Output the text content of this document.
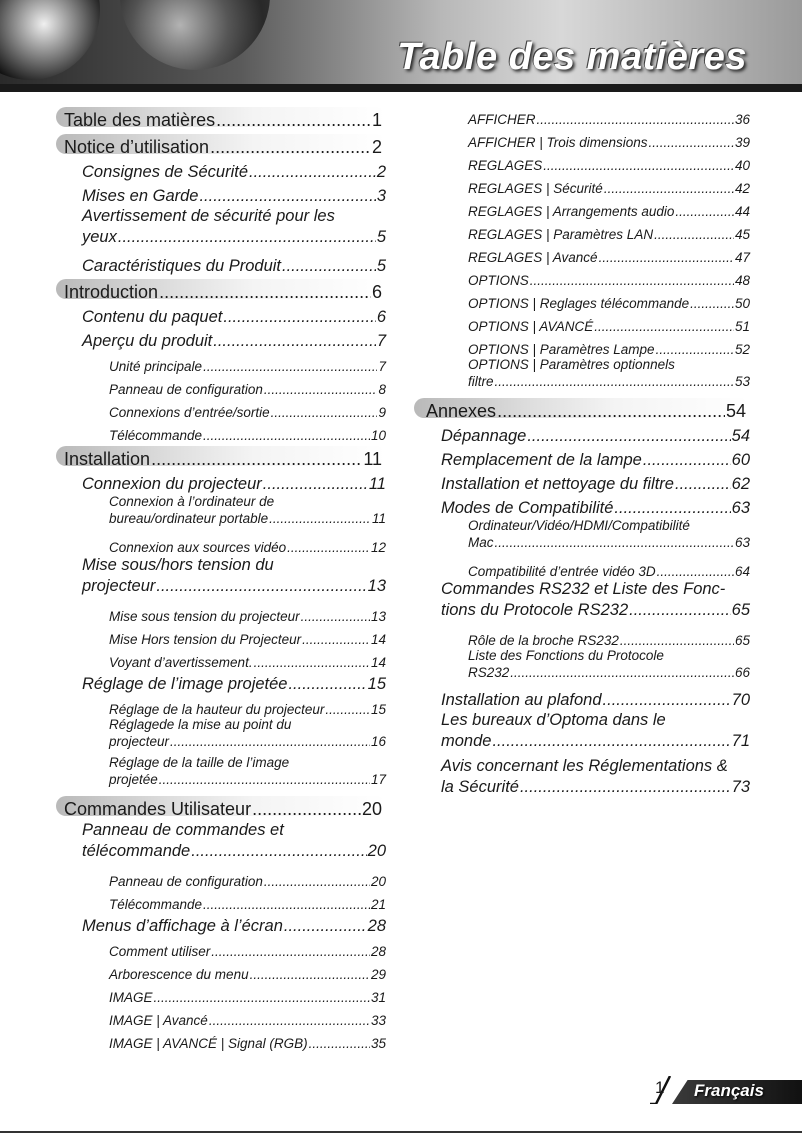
Table des matières
Table des matières .....	1
Notice d’utilisation .....	2
Consignes de Sécurité .....	2
Mises en Garde .....	3
Avertissement de sécurité pour les
yeux .....	5
Caractéristiques du Produit .....	5
Introduction .....	6
Contenu du paquet .....	6
Aperçu du produit .....	7
Unité principale .....	7
Panneau de configuration .....	8
Connexions d’entrée/sortie .....	9
Télécommande .....	10
Installation .....	11
Connexion du projecteur .....	11
Connexion à l’ordinateur de
bureau/ordinateur portable .....	11
Connexion aux sources vidéo .....	12
Mise sous/hors tension du
projecteur .....	13
Mise sous tension du projecteur .....	13
Mise Hors tension du Projecteur .....	14
Voyant d’avertissement. .....	14
Réglage de l’image projetée .....	15
Réglage de la hauteur du projecteur .....	15
Réglagede la mise au point du
projecteur .....	16
Réglage de la taille de l’image
projetée .....	17
Commandes Utilisateur .....	20
Panneau de commandes et
télécommande .....	20
Panneau de configuration .....	20
Télécommande .....	21
Menus d’affichage à l’écran .....	28
Comment utiliser .....	28
Arborescence du menu .....	29
IMAGE .....	31
IMAGE | Avancé .....	33
IMAGE | AVANCÉ | Signal (RGB) .....	35
AFFICHER .....	36
AFFICHER | Trois dimensions .....	39
REGLAGES .....	40
REGLAGES | Sécurité .....	42
REGLAGES | Arrangements audio .....	44
REGLAGES | Paramètres LAN .....	45
REGLAGES | Avancé .....	47
OPTIONS .....	48
OPTIONS | Reglages télécommande .....	50
OPTIONS | AVANCÉ .....	51
OPTIONS | Paramètres Lampe .....	52
OPTIONS | Paramètres optionnels
filtre .....	53
Annexes .....	54
Dépannage .....	54
Remplacement de la lampe .....	60
Installation et nettoyage du filtre .....	62
Modes de Compatibilité .....	63
Ordinateur/Vidéo/HDMI/Compatibilité
Mac .....	63
Compatibilité d’entrée vidéo 3D .....	64
Commandes RS232 et Liste des Fonc-
tions du Protocole RS232 .....	65
Rôle de la broche RS232 .....	65
Liste des Fonctions du Protocole
RS232 .....	66
Installation au plafond .....	70
Les bureaux d’Optoma dans le
monde .....	71
Avis concernant les Réglementations &
la Sécurité .....	73
1 Français
